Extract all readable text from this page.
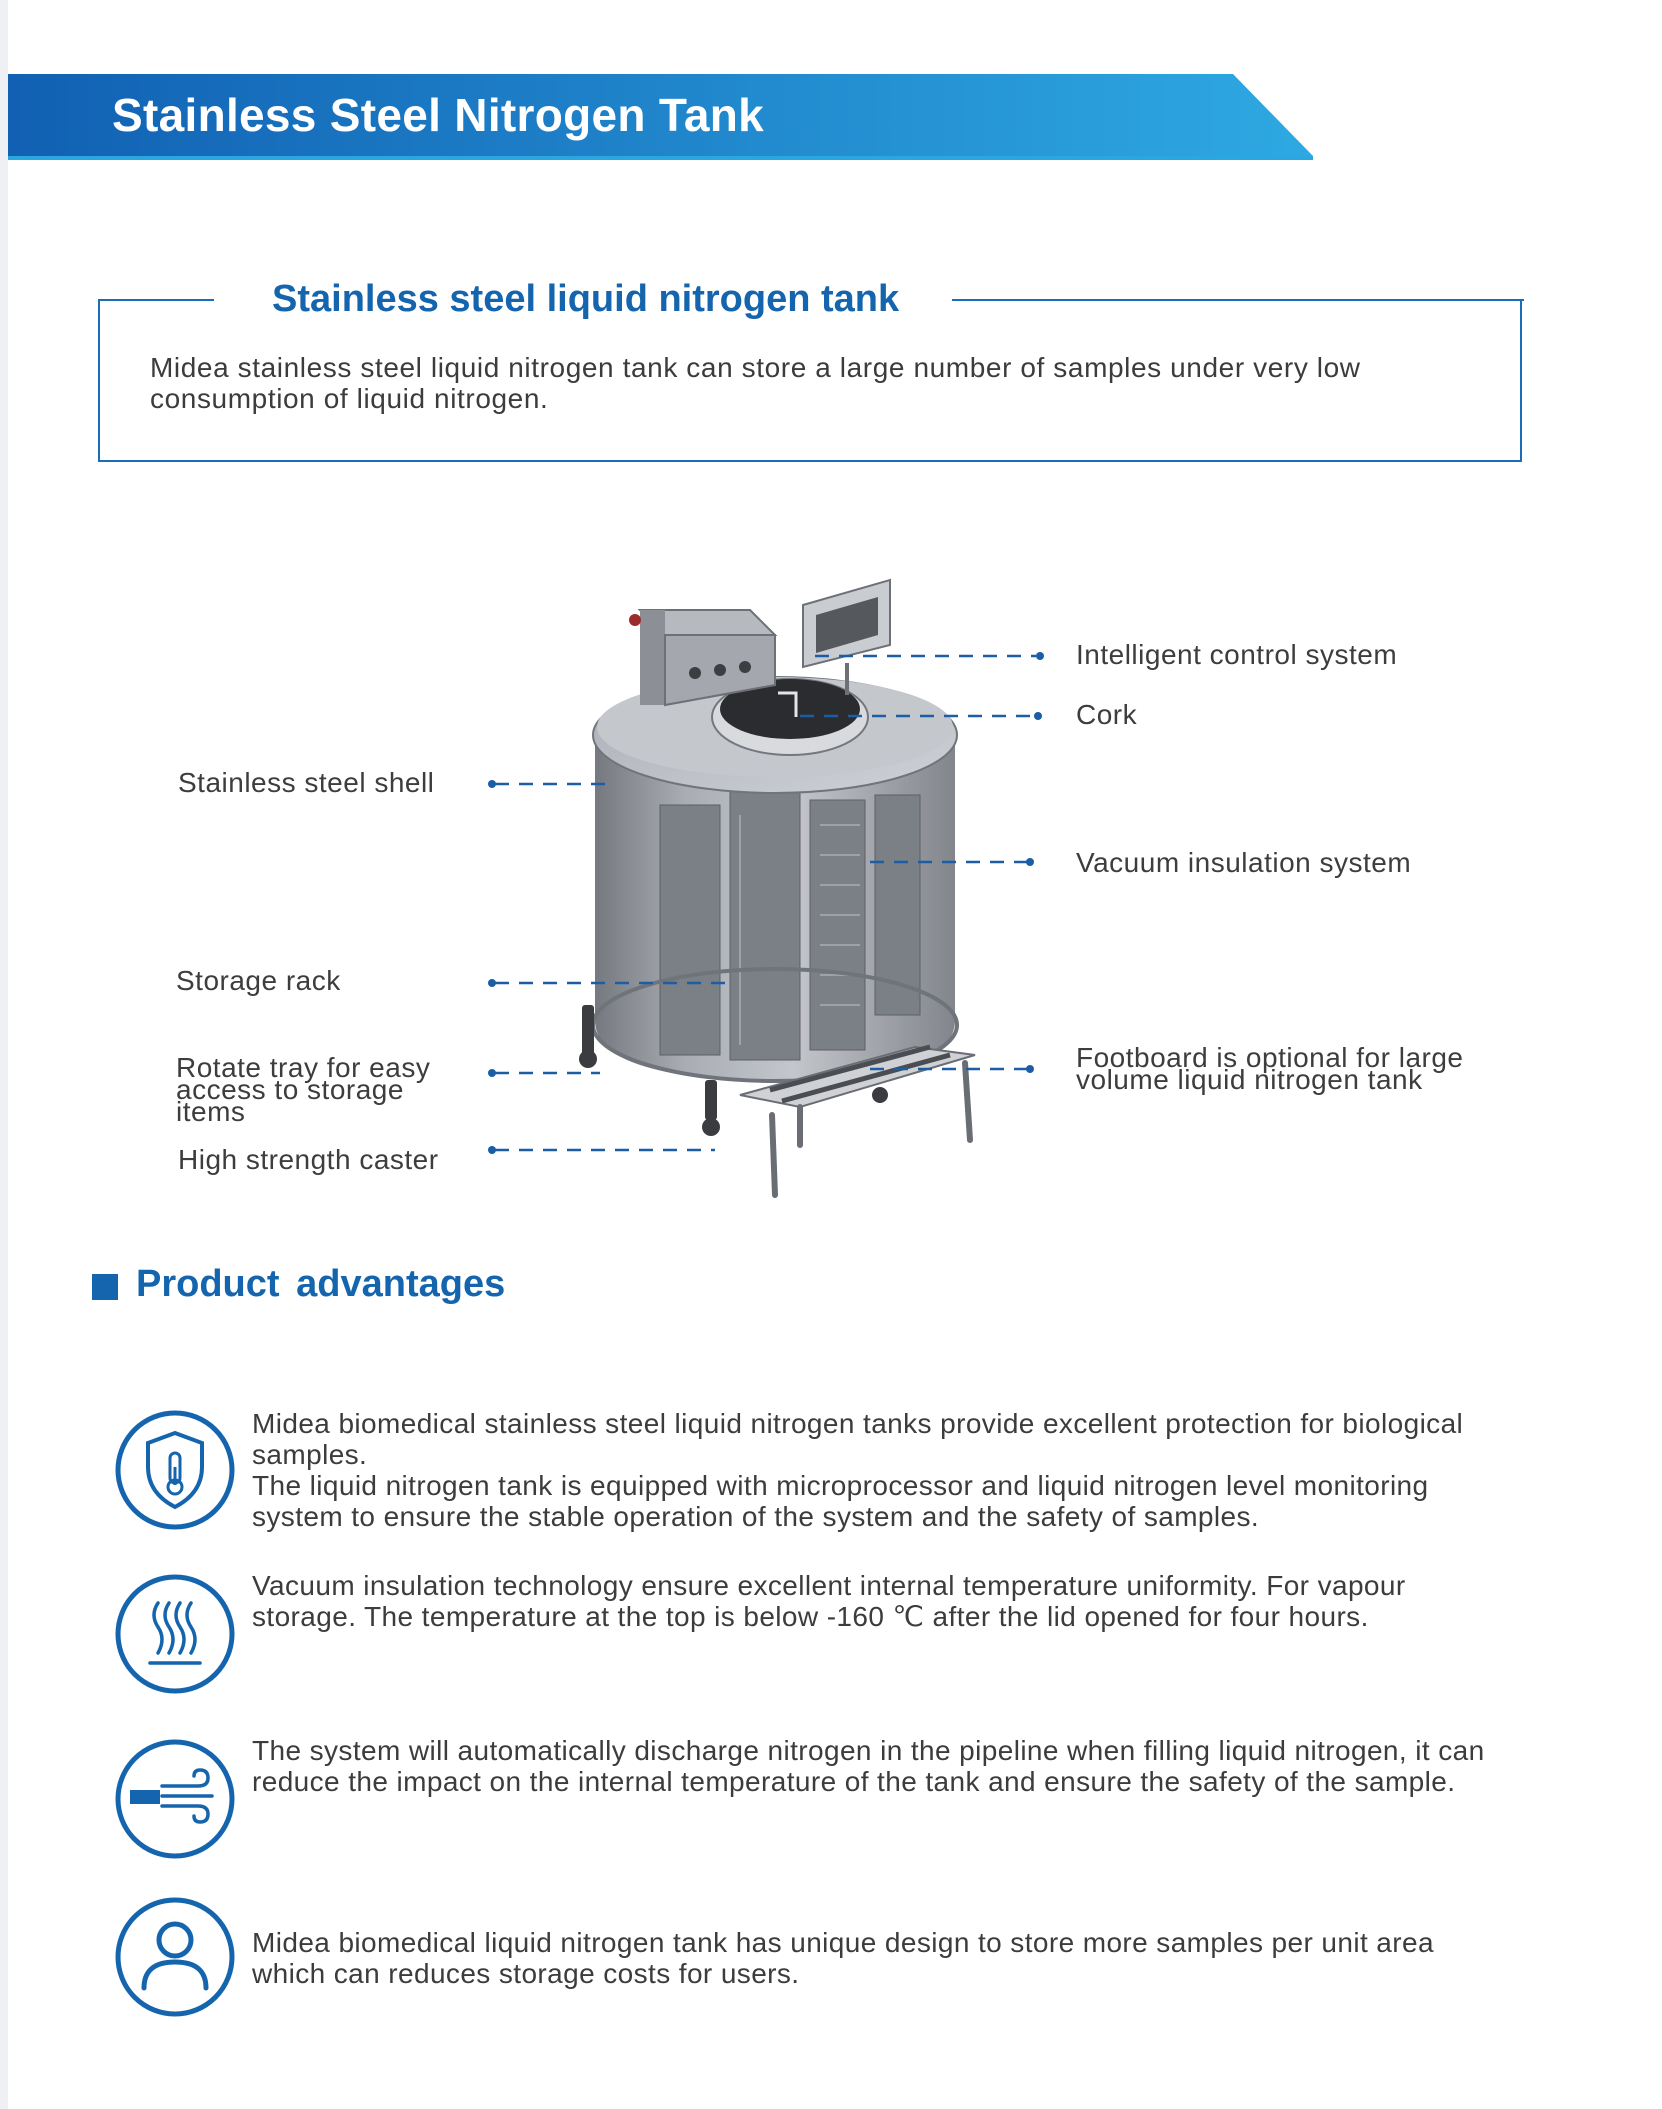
Stainless Steel Nitrogen Tank
Stainless steel liquid nitrogen tank

Midea stainless steel liquid nitrogen tank can store a large number of samples under very low consumption of liquid nitrogen.

Intelligent control system

Cork

Stainless steel shell

Vacuum insulation system

Storage rack

Rotate tray for easy access to storage items

Footboard is optional for large volume liquid nitrogen tank

High strength caster

Product advantages

Midea biomedical stainless steel liquid nitrogen tanks provide excellent protection for biological samples.
The liquid nitrogen tank is equipped with microprocessor and liquid nitrogen level monitoring system to ensure the stable operation of the system and the safety of samples.

Vacuum insulation technology ensure excellent internal temperature uniformity. For vapour storage. The temperature at the top is below -160 ℃ after the lid opened for four hours.

The system will automatically discharge nitrogen in the pipeline when filling liquid nitrogen, it can reduce the impact on the internal temperature of the tank and ensure the safety of the sample.

Midea biomedical liquid nitrogen tank has unique design to store more samples per unit area which can reduces storage costs for users.
